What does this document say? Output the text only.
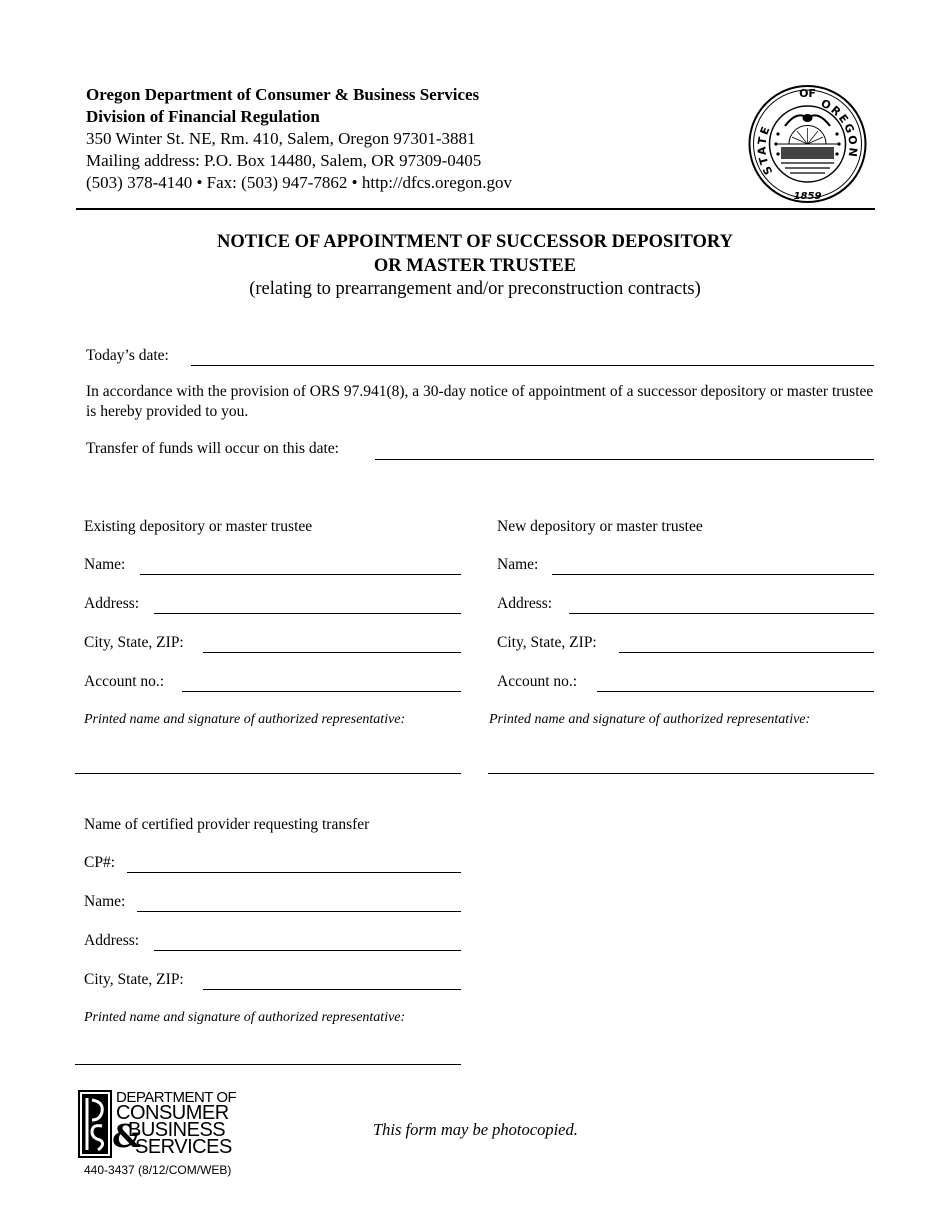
Oregon Department of Consumer & Business Services
Division of Financial Regulation
350 Winter St. NE, Rm. 410, Salem, Oregon 97301-3881
Mailing address: P.O. Box 14480, Salem, OR 97309-0405
(503) 378-4140 • Fax: (503) 947-7862 • http://dfcs.oregon.gov
OF
STATE
OREGON
1859
NOTICE OF APPOINTMENT OF SUCCESSOR DEPOSITORY
OR MASTER TRUSTEE
(relating to prearrangement and/or preconstruction contracts)
Today’s date:
In accordance with the provision of ORS 97.941(8), a 30-day notice of appointment of a successor depository or master trustee is hereby provided to you.
Transfer of funds will occur on this date:
Existing depository or master trustee
Name:
Address:
City, State, ZIP:
Account no.:
Printed name and signature of authorized representative:
New depository or master trustee
Name:
Address:
City, State, ZIP:
Account no.:
Printed name and signature of authorized representative:
Name of certified provider requesting transfer
CP#:
Name:
Address:
City, State, ZIP:
Printed name and signature of authorized representative:
DEPARTMENT OF
CONSUMER
BUSINESS
SERVICES
&
440-3437 (8/12/COM/WEB)
This form may be photocopied.
